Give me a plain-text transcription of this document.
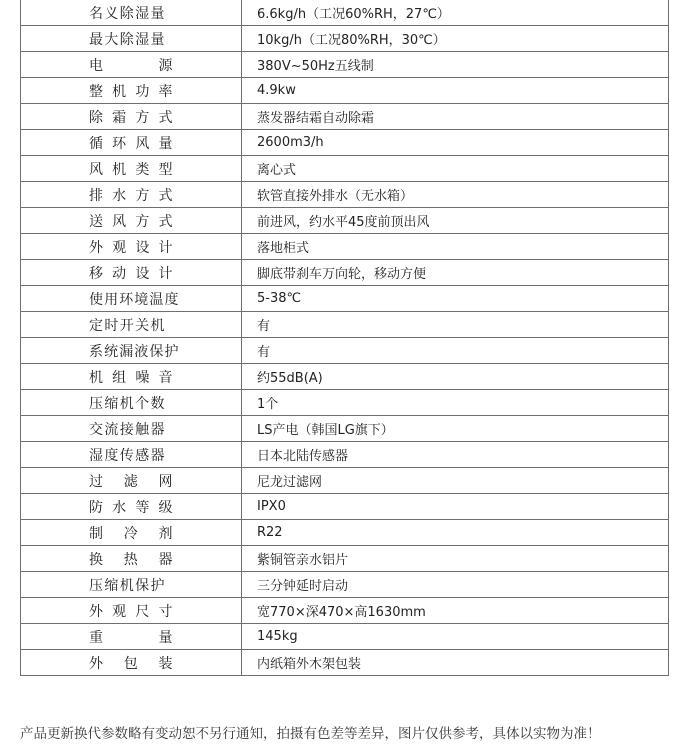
名义除湿量	6.6kg/h（工况60%RH，27℃）
最大除湿量	10kg/h（工况80%RH，30℃）
电源	380V~50Hz五线制
整机功率	4.9kw
除霜方式	蒸发器结霜自动除霜
循环风量	2600m3/h
风机类型	离心式
排水方式	软管直接外排水（无水箱）
送风方式	前进风，约水平45度前顶出风
外观设计	落地柜式
移动设计	脚底带刹车万向轮，移动方便
使用环境温度	5-38℃
定时开关机	有
系统漏液保护	有
机组噪音	约55dB(A)
压缩机个数	1个
交流接触器	LS产电（韩国LG旗下）
湿度传感器	日本北陆传感器
过滤网	尼龙过滤网
防水等级	IPX0
制冷剂	R22
换热器	紫铜管亲水铝片
压缩机保护	三分钟延时启动
外观尺寸	宽770×深470×高1630mm
重量	145kg
外包装	内纸箱外木架包装
产品更新换代参数略有变动恕不另行通知，拍摄有色差等差异，图片仅供参考，具体以实物为准！
